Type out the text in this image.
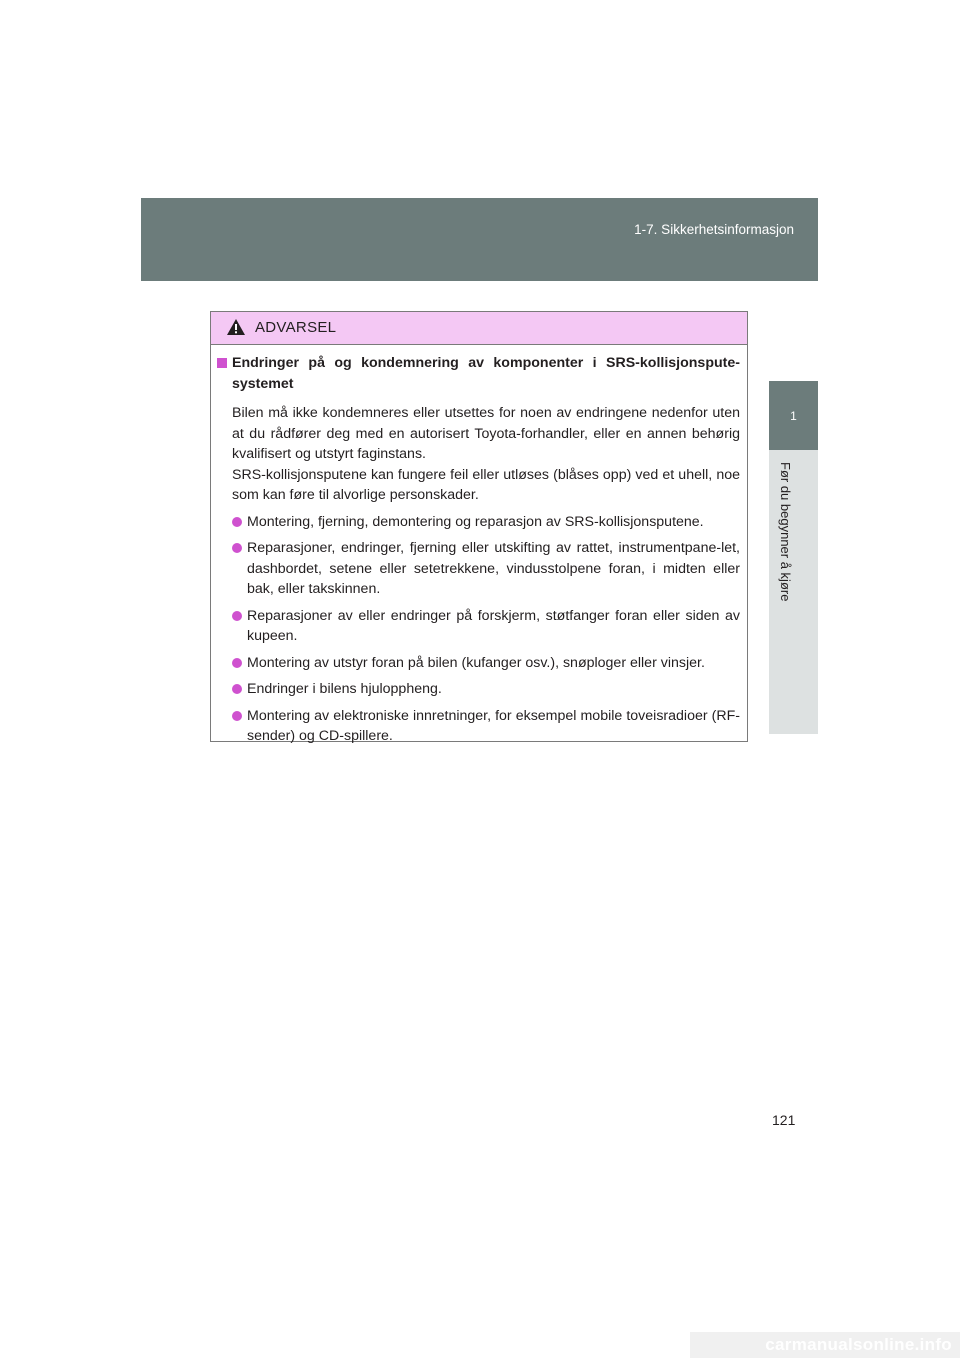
1-7. Sikkerhetsinformasjon
1
Før du begynner å kjøre
ADVARSEL
Endringer på og kondemnering av komponenter i SRS-kollisjonspute-systemet
Bilen må ikke kondemneres eller utsettes for noen av endringene nedenfor uten at du rådfører deg med en autorisert Toyota-forhandler, eller en annen behørig kvalifisert og utstyrt faginstans.
SRS-kollisjonsputene kan fungere feil eller utløses (blåses opp) ved et uhell, noe som kan føre til alvorlige personskader.
Montering, fjerning, demontering og reparasjon av SRS-kollisjonsputene.
Reparasjoner, endringer, fjerning eller utskifting av rattet, instrumentpane-let, dashbordet, setene eller setetrekkene, vindusstolpene foran, i midten eller bak, eller takskinnen.
Reparasjoner av eller endringer på forskjerm, støtfanger foran eller siden av kupeen.
Montering av utstyr foran på bilen (kufanger osv.), snøploger eller vinsjer.
Endringer i bilens hjuloppheng.
Montering av elektroniske innretninger, for eksempel mobile toveisradioer (RF-sender) og CD-spillere.
121
carmanualsonline.info
